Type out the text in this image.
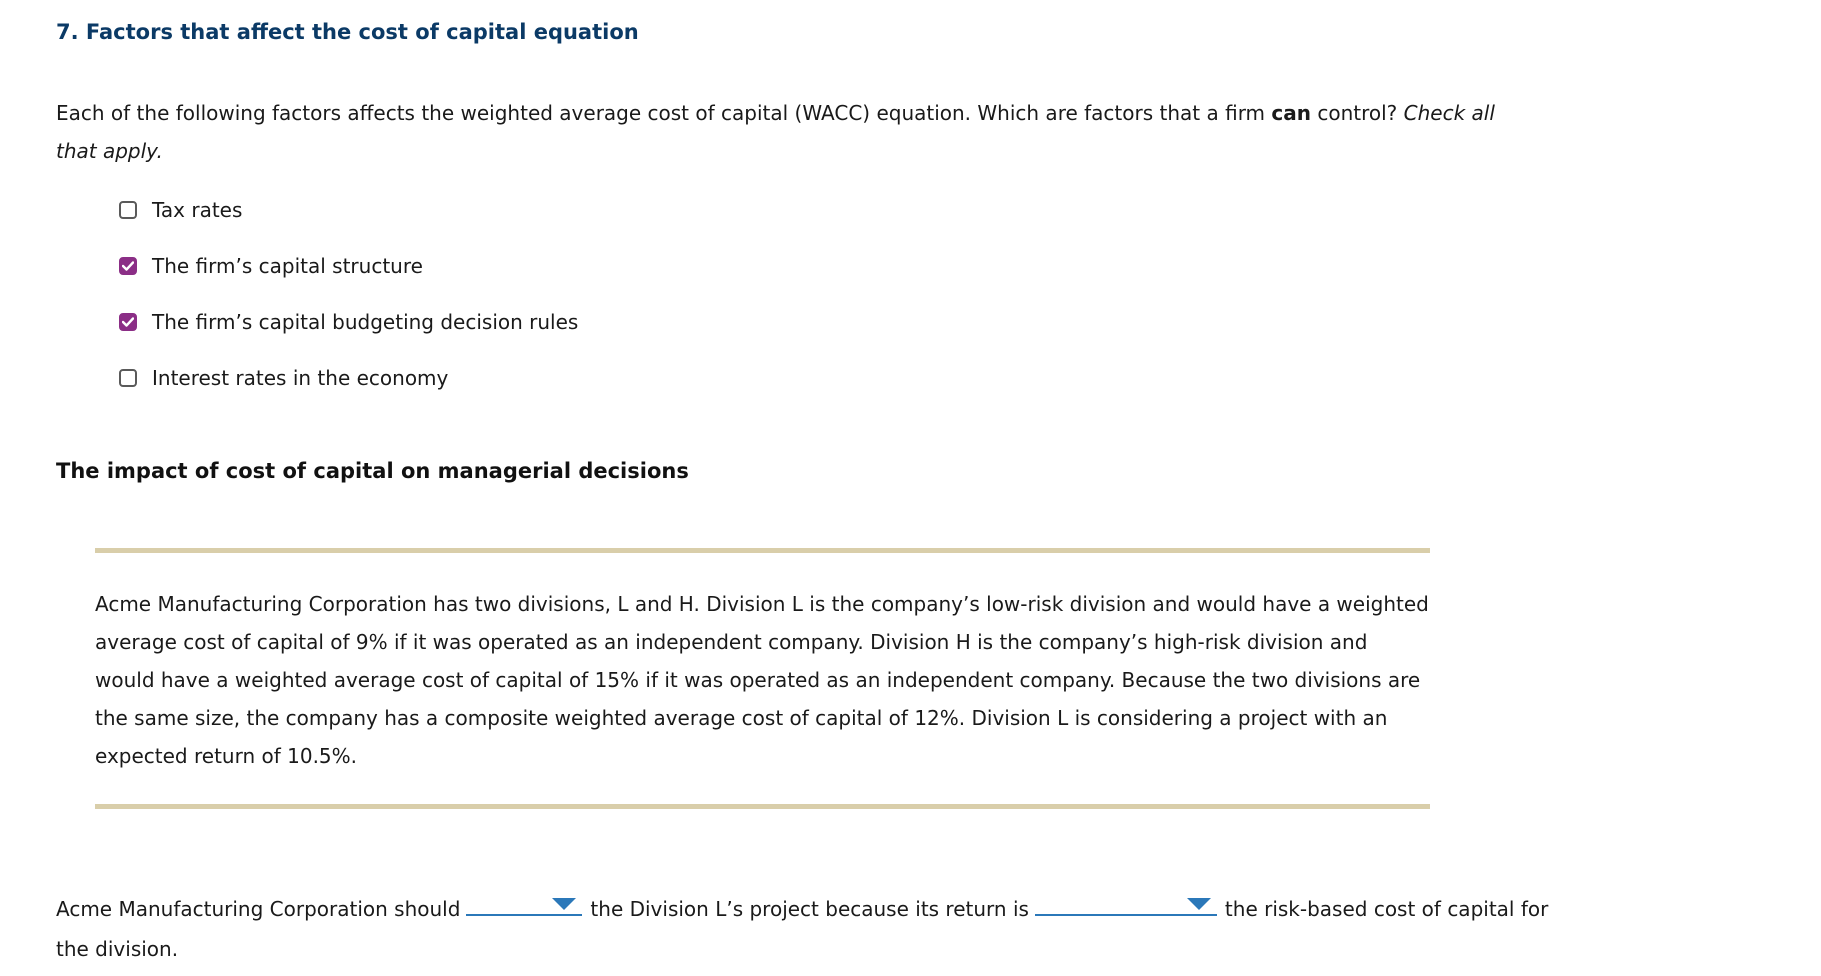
7. Factors that affect the cost of capital equation

Each of the following factors affects the weighted average cost of capital (WACC) equation. Which are factors that a firm can control? Check all that apply.

Tax rates
The firm’s capital structure
The firm’s capital budgeting decision rules
Interest rates in the economy
The impact of cost of capital on managerial decisions

Acme Manufacturing Corporation has two divisions, L and H. Division L is the company’s low-risk division and would have a weighted average cost of capital of 9% if it was operated as an independent company. Division H is the company’s high-risk division and would have a weighted average cost of capital of 15% if it was operated as an independent company. Because the two divisions are the same size, the company has a composite weighted average cost of capital of 12%. Division L is considering a project with an expected return of 10.5%.

Acme Manufacturing Corporation should	the Division L’s project because its return is	the risk-based cost of capital for the division.
